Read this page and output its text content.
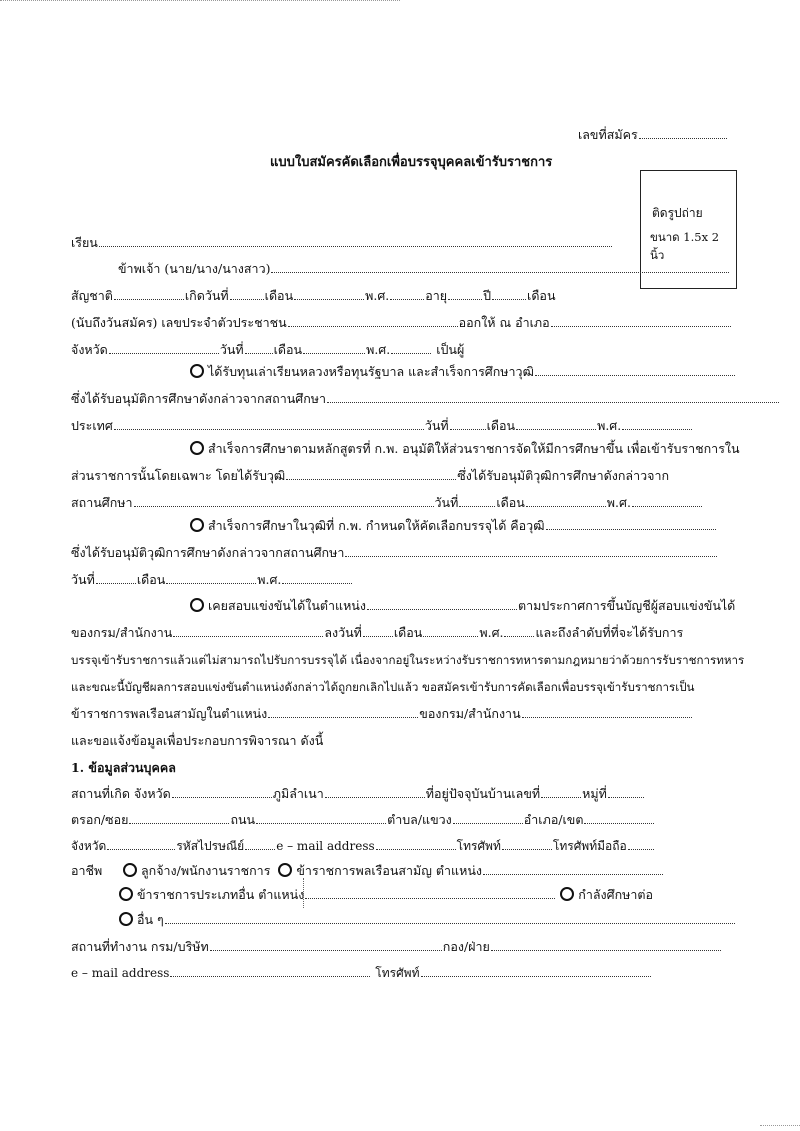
เลขที่สมัคร
แบบใบสมัครคัดเลือกเพื่อบรรจุบุคคลเข้ารับราชการ
ติดรูปถ่าย
ขนาด 1.5x 2 นิ้ว
เรียน
ข้าพเจ้า (นาย/นาง/นางสาว)
สัญชาติ	เกิดวันที่	เดือน	พ.ศ.	อายุ	ปี	เดือน
(นับถึงวันสมัคร) เลขประจำตัวประชาชน	ออกให้ ณ อำเภอ
จังหวัด	วันที่ เดือน	พ.ศ.	เป็นผู้
ได้รับทุนเล่าเรียนหลวงหรือทุนรัฐบาล และสำเร็จการศึกษาวุฒิ
ซึ่งได้รับอนุมัติการศึกษาดังกล่าวจากสถานศึกษา
ประเทศ	วันที่	เดือน	พ.ศ.
สำเร็จการศึกษาตามหลักสูตรที่ ก.พ. อนุมัติให้ส่วนราชการจัดให้มีการศึกษาขึ้น เพื่อเข้ารับราชการใน
ส่วนราชการนั้นโดยเฉพาะ โดยได้รับวุฒิ	ซึ่งได้รับอนุมัติวุฒิการศึกษาดังกล่าวจาก
สถานศึกษา	วันที่	เดือน	พ.ศ.
สำเร็จการศึกษาในวุฒิที่ ก.พ. กำหนดให้คัดเลือกบรรจุได้ คือวุฒิ
ซึ่งได้รับอนุมัติวุฒิการศึกษาดังกล่าวจากสถานศึกษา
วันที่	เดือน	พ.ศ.
เคยสอบแข่งขันได้ในตำแหน่ง	ตามประกาศการขึ้นบัญชีผู้สอบแข่งขันได้
ของกรม/สำนักงาน	ลงวันที่	เดือน	พ.ศ.	และถึงลำดับที่ที่จะได้รับการ
บรรจุเข้ารับราชการแล้วแต่ไม่สามารถไปรับการบรรจุได้ เนื่องจากอยู่ในระหว่างรับราชการทหารตามกฎหมายว่าด้วยการรับราชการทหาร
และขณะนี้บัญชีผลการสอบแข่งขันตำแหน่งดังกล่าวได้ถูกยกเลิกไปแล้ว ขอสมัครเข้ารับการคัดเลือกเพื่อบรรจุเข้ารับราชการเป็น
ข้าราชการพลเรือนสามัญในตำแหน่ง	ของกรม/สำนักงาน
และขอแจ้งข้อมูลเพื่อประกอบการพิจารณา ดังนี้
1. ข้อมูลส่วนบุคคล
สถานที่เกิด จังหวัด	ภูมิลำเนา	ที่อยู่ปัจจุบันบ้านเลขที่	หมู่ที่
ตรอก/ซอย	ถนน	ตำบล/แขวง	อำเภอ/เขต
จังหวัด	รหัสไปรษณีย์	e – mail address	โทรศัพท์	โทรศัพท์มือถือ
อาชีพ	ลูกจ้าง/พนักงานราชการ ข้าราชการพลเรือนสามัญ ตำแหน่ง
ข้าราชการประเภทอื่น ตำแหน่ง	กำลังศึกษาต่อ
อื่น ๆ
สถานที่ทำงาน กรม/บริษัท	กอง/ฝ่าย
e – mail address	โทรศัพท์
